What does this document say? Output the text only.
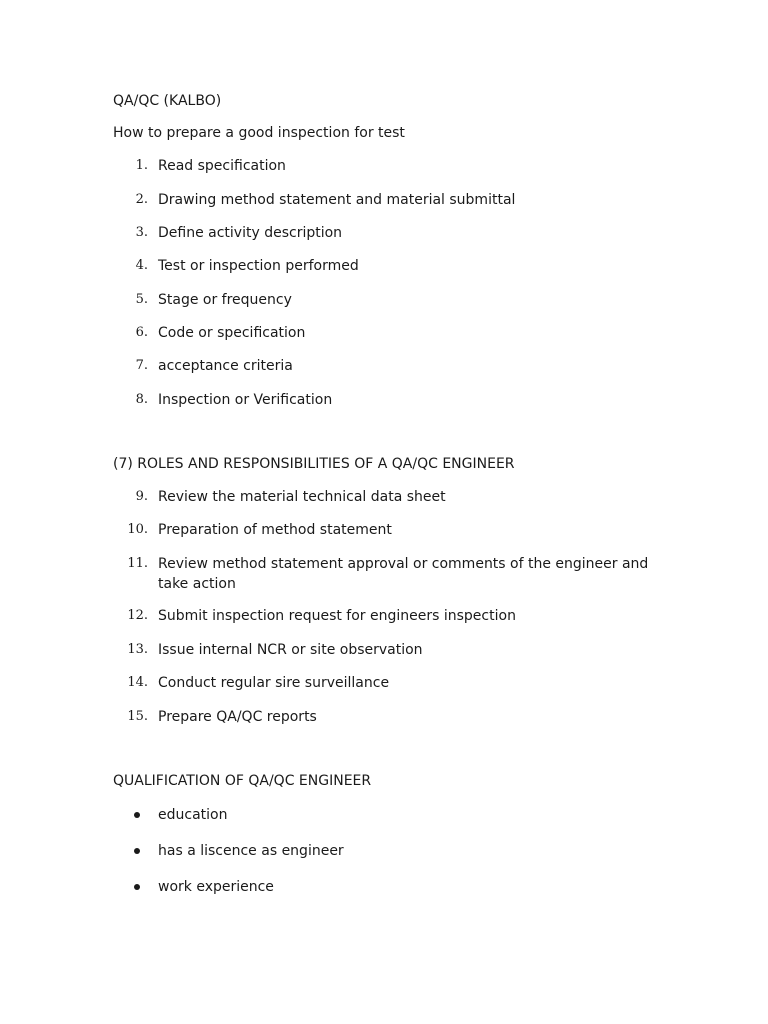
QA/QC (KALBO)
How to prepare a good inspection for test
1. Read specification
2. Drawing method statement and material submittal
3. Define activity description
4. Test or inspection performed
5. Stage or frequency
6. Code or specification
7. acceptance criteria
8. Inspection or Verification
(7) ROLES AND RESPONSIBILITIES OF A QA/QC ENGINEER
9. Review the material technical data sheet
10. Preparation of method statement
11. Review method statement approval or comments of the engineer and take action
12. Submit inspection request for engineers inspection
13. Issue internal NCR or site observation
14. Conduct regular sire surveillance
15. Prepare QA/QC reports
QUALIFICATION OF QA/QC ENGINEER
education
has a liscence as engineer
work experience
